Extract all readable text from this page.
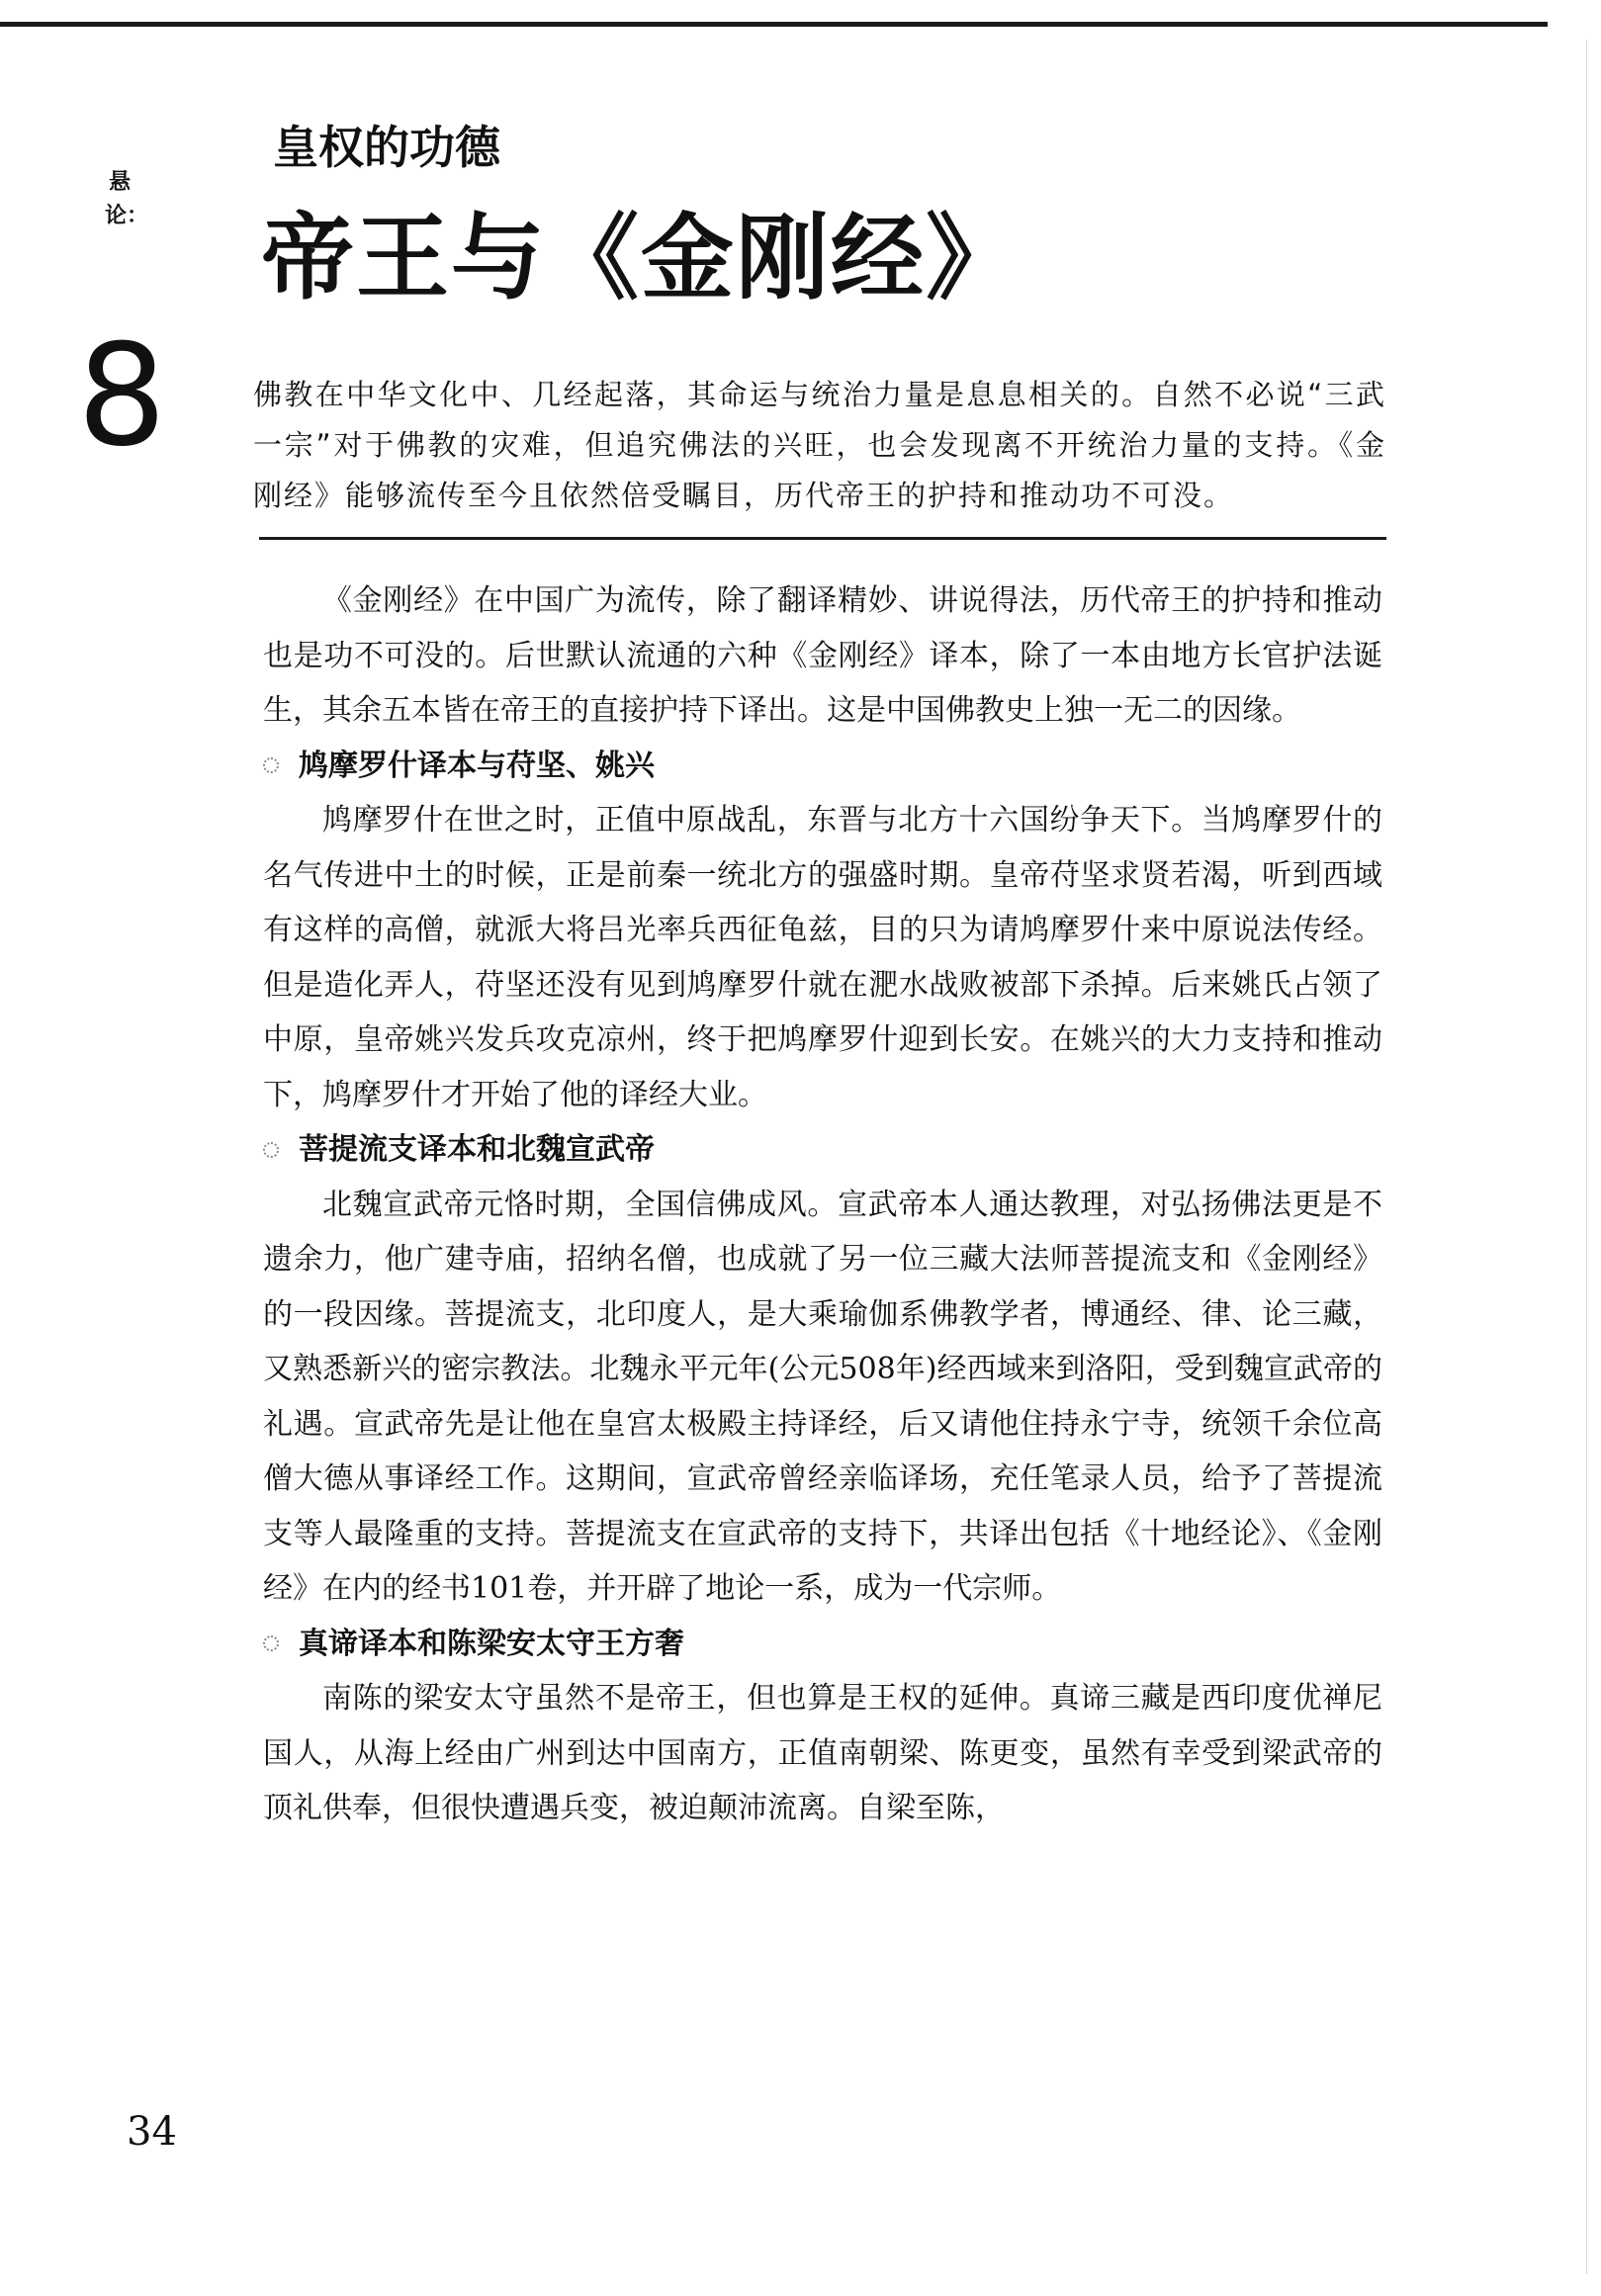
悬论：
8
皇权的功德
帝王与《金刚经》

佛教在中华文化中、几经起落，其命运与统治力量是息息相关的。自然不必说“三武一宗”对于佛教的灾难，但追究佛法的兴旺，也会发现离不开统治力量的支持。《金刚经》能够流传至今且依然倍受瞩目，历代帝王的护持和推动功不可没。

《金刚经》在中国广为流传，除了翻译精妙、讲说得法，历代帝王的护持和推动也是功不可没的。后世默认流通的六种《金刚经》译本，除了一本由地方长官护法诞生，其余五本皆在帝王的直接护持下译出。这是中国佛教史上独一无二的因缘。

鸠摩罗什译本与苻坚、姚兴

鸠摩罗什在世之时，正值中原战乱，东晋与北方十六国纷争天下。当鸠摩罗什的名气传进中土的时候，正是前秦一统北方的强盛时期。皇帝苻坚求贤若渴，听到西域有这样的高僧，就派大将吕光率兵西征龟兹，目的只为请鸠摩罗什来中原说法传经。但是造化弄人，苻坚还没有见到鸠摩罗什就在淝水战败被部下杀掉。后来姚氏占领了中原，皇帝姚兴发兵攻克凉州，终于把鸠摩罗什迎到长安。在姚兴的大力支持和推动下，鸠摩罗什才开始了他的译经大业。

菩提流支译本和北魏宣武帝

北魏宣武帝元恪时期，全国信佛成风。宣武帝本人通达教理，对弘扬佛法更是不遗余力，他广建寺庙，招纳名僧，也成就了另一位三藏大法师菩提流支和《金刚经》的一段因缘。菩提流支，北印度人，是大乘瑜伽系佛教学者，博通经、律、论三藏，又熟悉新兴的密宗教法。北魏永平元年(公元508年)经西域来到洛阳，受到魏宣武帝的礼遇。宣武帝先是让他在皇宫太极殿主持译经，后又请他住持永宁寺，统领千余位高僧大德从事译经工作。这期间，宣武帝曾经亲临译场，充任笔录人员，给予了菩提流支等人最隆重的支持。菩提流支在宣武帝的支持下，共译出包括《十地经论》、《金刚经》在内的经书101卷，并开辟了地论一系，成为一代宗师。

真谛译本和陈梁安太守王方奢

南陈的梁安太守虽然不是帝王，但也算是王权的延伸。真谛三藏是西印度优禅尼国人，从海上经由广州到达中国南方，正值南朝梁、陈更变，虽然有幸受到梁武帝的顶礼供奉，但很快遭遇兵变，被迫颠沛流离。自梁至陈，

34
